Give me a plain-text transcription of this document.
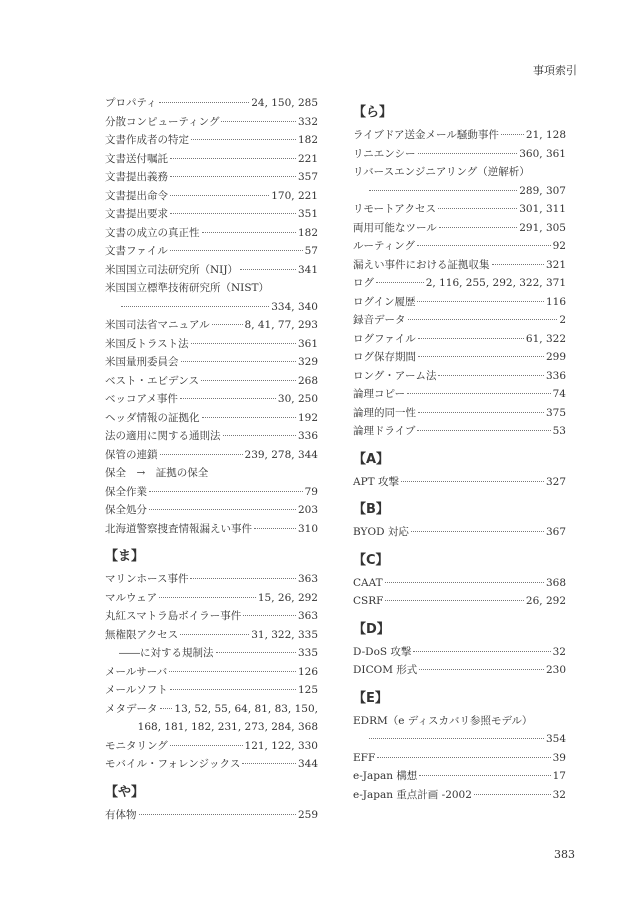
事項索引
プロパティ	24, 150, 285
分散コンピューティング	332
文書作成者の特定	182
文書送付嘱託	221
文書提出義務	357
文書提出命令	170, 221
文書提出要求	351
文書の成立の真正性	182
文書ファイル	57
米国国立司法研究所（NIJ）	341
米国国立標準技術研究所（NIST）
334, 340
米国司法省マニュアル	8, 41, 77, 293
米国反トラスト法	361
米国量刑委員会	329
ベスト・エビデンス	268
ベッコアメ事件	30, 250
ヘッダ情報の証拠化	192
法の適用に関する通則法	336
保管の連鎖	239, 278, 344
保全　→　証拠の保全
保全作業	79
保全処分	203
北海道警察捜査情報漏えい事件	310
【ま】
マリンホース事件	363
マルウェア	15, 26, 292
丸紅スマトラ島ボイラー事件	363
無権限アクセス	31, 322, 335
――に対する規制法	335
メールサーバ	126
メールソフト	125
メタデータ 13, 52, 55, 64, 81, 83, 150,
168, 181, 182, 231, 273, 284, 368
モニタリング	121, 122, 330
モバイル・フォレンジックス	344
【や】
有体物	259
【ら】
ライブドア送金メール騒動事件	21, 128
リニエンシー	360, 361
リバースエンジニアリング（逆解析）
289, 307
リモートアクセス	301, 311
両用可能なツール	291, 305
ルーティング	92
漏えい事件における証拠収集	321
ログ	2, 116, 255, 292, 322, 371
ログイン履歴	116
録音データ	2
ログファイル	61, 322
ログ保存期間	299
ロング・アーム法	336
論理コピー	74
論理的同一性	375
論理ドライブ	53
【A】
APT 攻撃	327
【B】
BYOD 対応	367
【C】
CAAT	368
CSRF	26, 292
【D】
D-DoS 攻撃	32
DICOM 形式	230
【E】
EDRM（e ディスカバリ参照モデル）
354
EFF	39
e-Japan 構想	17
e-Japan 重点計画 -2002	32
383
